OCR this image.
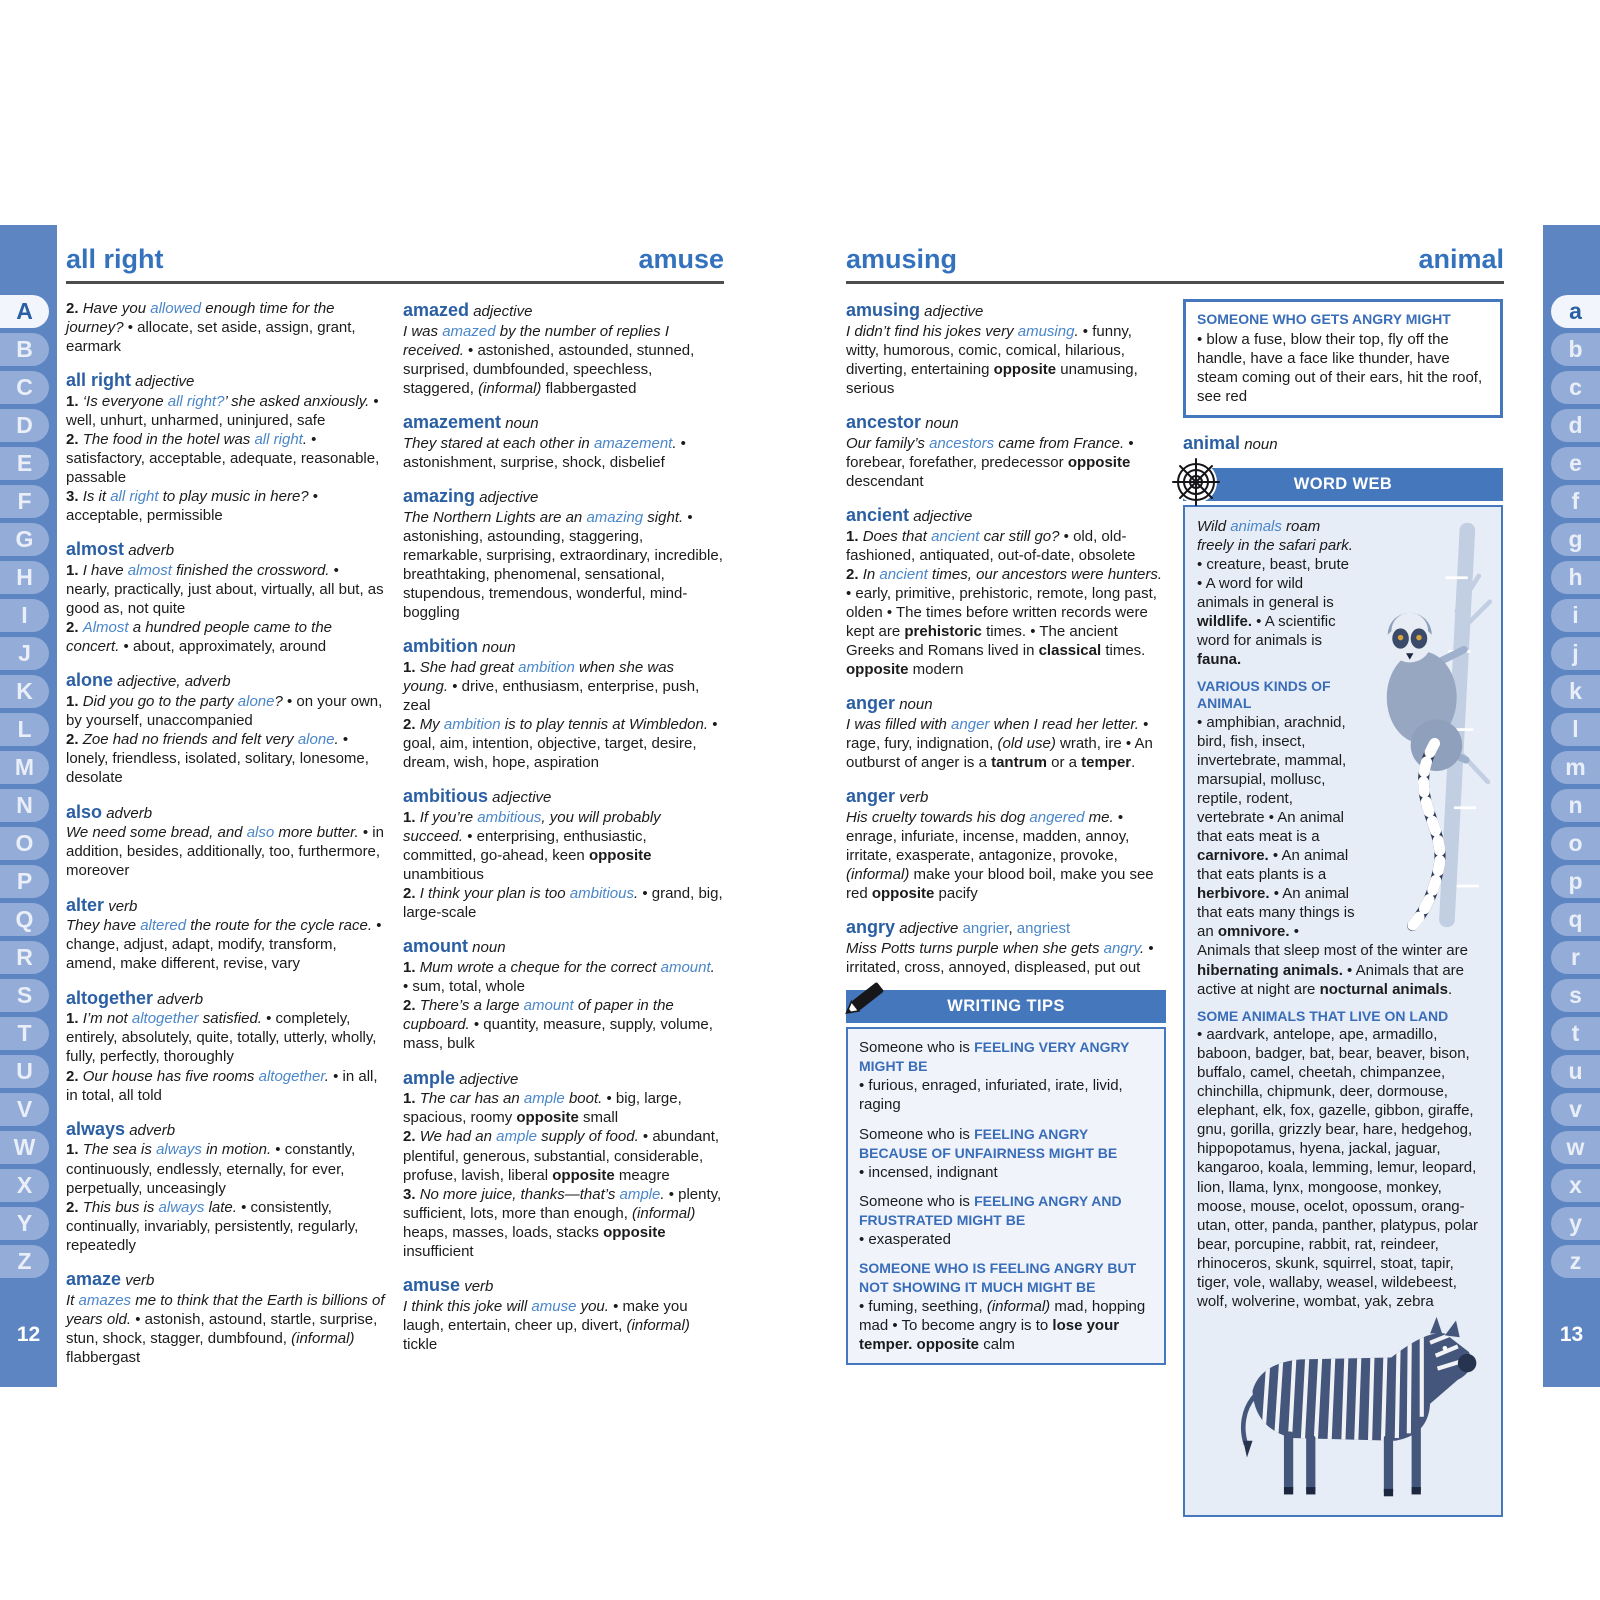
A
B
C
D
E
F
G
H
I
J
K
L
M
N
O
P
Q
R
S
T
U
V
W
X
Y
Z
12
all right	amuse
2. Have you allowed enough time for the journey? • allocate, set aside, assign, grant, earmark
all right adjective
1. ‘Is everyone all right?’ she asked anxiously. • well, unhurt, unharmed, uninjured, safe
2. The food in the hotel was all right. • satisfactory, acceptable, adequate, reasonable, passable
3. Is it all right to play music in here? • acceptable, permissible
almost adverb
1. I have almost finished the crossword. • nearly, practically, just about, virtually, all but, as good as, not quite
2. Almost a hundred people came to the concert. • about, approximately, around
alone adjective, adverb
1. Did you go to the party alone? • on your own, by yourself, unaccompanied
2. Zoe had no friends and felt very alone. • lonely, friendless, isolated, solitary, lonesome, desolate
also adverb
We need some bread, and also more butter. • in addition, besides, additionally, too, furthermore, moreover
alter verb
They have altered the route for the cycle race. • change, adjust, adapt, modify, transform, amend, make different, revise, vary
altogether adverb
1. I’m not altogether satisfied. • completely, entirely, absolutely, quite, totally, utterly, wholly, fully, perfectly, thoroughly
2. Our house has five rooms altogether. • in all, in total, all told
always adverb
1. The sea is always in motion. • constantly, continuously, endlessly, eternally, for ever, perpetually, unceasingly
2. This bus is always late. • consistently, continually, invariably, persistently, regularly, repeatedly
amaze verb
It amazes me to think that the Earth is billions of years old. • astonish, astound, startle, surprise, stun, shock, stagger, dumbfound, (informal) flabbergast
amazed adjective
I was amazed by the number of replies I received. • astonished, astounded, stunned, surprised, dumbfounded, speechless, staggered, (informal) flabbergasted
amazement noun
They stared at each other in amazement. • astonishment, surprise, shock, disbelief
amazing adjective
The Northern Lights are an amazing sight. • astonishing, astounding, staggering, remarkable, surprising, extraordinary, incredible, breathtaking, phenomenal, sensational, stupendous, tremendous, wonderful, mind-boggling
ambition noun
1. She had great ambition when she was young. • drive, enthusiasm, enterprise, push, zeal
2. My ambition is to play tennis at Wimbledon. • goal, aim, intention, objective, target, desire, dream, wish, hope, aspiration
ambitious adjective
1. If you’re ambitious, you will probably succeed. • enterprising, enthusiastic, committed, go-ahead, keen opposite unambitious
2. I think your plan is too ambitious. • grand, big, large-scale
amount noun
1. Mum wrote a cheque for the correct amount. • sum, total, whole
2. There’s a large amount of paper in the cupboard. • quantity, measure, supply, volume, mass, bulk
ample adjective
1. The car has an ample boot. • big, large, spacious, roomy opposite small
2. We had an ample supply of food. • abundant, plentiful, generous, substantial, considerable, profuse, lavish, liberal opposite meagre
3. No more juice, thanks—that’s ample. • plenty, sufficient, lots, more than enough, (informal) heaps, masses, loads, stacks opposite insufficient
amuse verb
I think this joke will amuse you. • make you laugh, entertain, cheer up, divert, (informal) tickle
amusing	animal
amusing adjective
I didn’t find his jokes very amusing. • funny, witty, humorous, comic, comical, hilarious, diverting, entertaining opposite unamusing, serious
ancestor noun
Our family’s ancestors came from France. • forebear, forefather, predecessor opposite descendant
ancient adjective
1. Does that ancient car still go? • old, old-fashioned, antiquated, out-of-date, obsolete
2. In ancient times, our ancestors were hunters. • early, primitive, prehistoric, remote, long past, olden • The times before written records were kept are prehistoric times. • The ancient Greeks and Romans lived in classical times. opposite modern
anger noun
I was filled with anger when I read her letter. • rage, fury, indignation, (old use) wrath, ire • An outburst of anger is a tantrum or a temper.
anger verb
His cruelty towards his dog angered me. • enrage, infuriate, incense, madden, annoy, irritate, exasperate, antagonize, provoke, (informal) make your blood boil, make you see red opposite pacify
angry adjective angrier, angriest
Miss Potts turns purple when she gets angry. • irritated, cross, annoyed, displeased, put out
WRITING TIPS
Someone who is FEELING VERY ANGRY MIGHT BE
• furious, enraged, infuriated, irate, livid, raging
Someone who is FEELING ANGRY BECAUSE OF UNFAIRNESS MIGHT BE
• incensed, indignant
Someone who is FEELING ANGRY AND FRUSTRATED MIGHT BE
• exasperated
SOMEONE WHO IS FEELING ANGRY BUT NOT SHOWING IT MUCH MIGHT BE
• fuming, seething, (informal) mad, hopping mad • To become angry is to lose your temper. opposite calm
SOMEONE WHO GETS ANGRY MIGHT
• blow a fuse, blow their top, fly off the handle, have a face like thunder, have steam coming out of their ears, hit the roof, see red
animal noun
WORD WEB
Wild animals roam freely in the safari park. • creature, beast, brute • A word for wild animals in general is wildlife. • A scientific word for animals is fauna.
VARIOUS KINDS OF ANIMAL
• amphibian, arachnid, bird, fish, insect, invertebrate, mammal, marsupial, mollusc, reptile, rodent, vertebrate • An animal that eats meat is a carnivore. • An animal that eats plants is a herbivore. • An animal that eats many things is an omnivore. • Animals that sleep most of the winter are hibernating animals. • Animals that are active at night are nocturnal animals.
SOME ANIMALS THAT LIVE ON LAND
• aardvark, antelope, ape, armadillo, baboon, badger, bat, bear, beaver, bison, buffalo, camel, cheetah, chimpanzee, chinchilla, chipmunk, deer, dormouse, elephant, elk, fox, gazelle, gibbon, giraffe, gnu, gorilla, grizzly bear, hare, hedgehog, hippopotamus, hyena, jackal, jaguar, kangaroo, koala, lemming, lemur, leopard, lion, llama, lynx, mongoose, monkey, moose, mouse, ocelot, opossum, orang-utan, otter, panda, panther, platypus, polar bear, porcupine, rabbit, rat, reindeer, rhinoceros, skunk, squirrel, stoat, tapir, tiger, vole, wallaby, weasel, wildebeest, wolf, wolverine, wombat, yak, zebra
a
b
c
d
e
f
g
h
i
j
k
l
m
n
o
p
q
r
s
t
u
v
w
x
y
z
13
